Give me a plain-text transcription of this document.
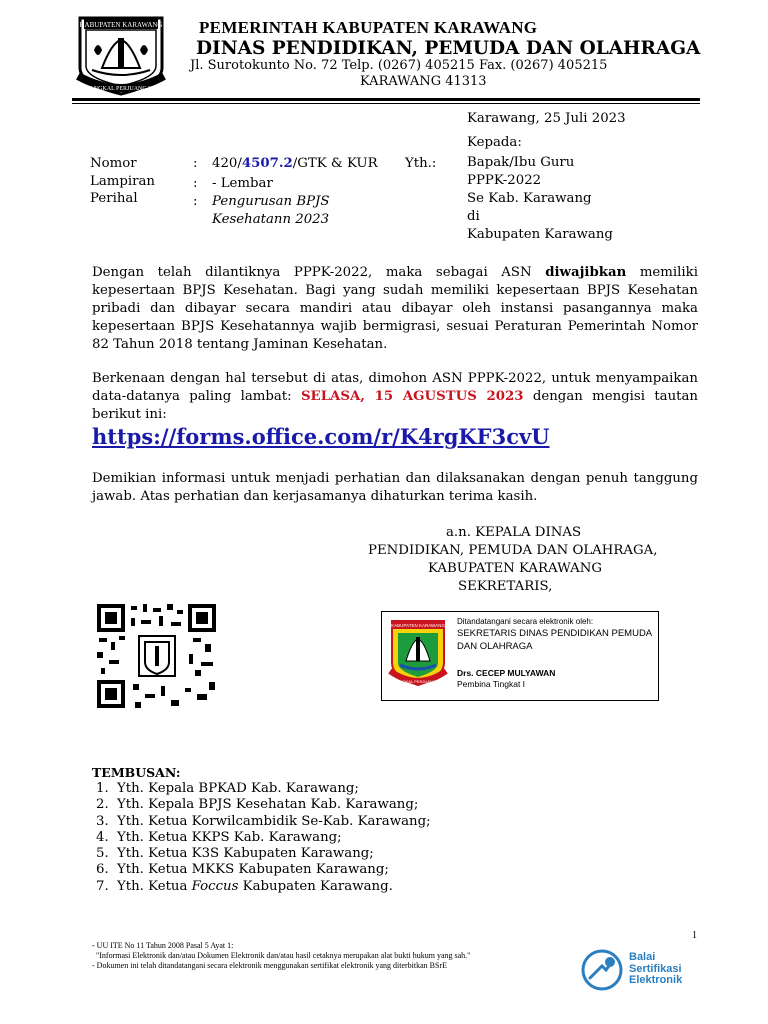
KABUPATEN KARAWANG
PANGKAL PERJUANGAN
PEMERINTAH KABUPATEN KARAWANG
DINAS PENDIDIKAN, PEMUDA DAN OLAHRAGA
Jl. Surotokunto No. 72 Telp. (0267) 405215 Fax. (0267) 405215
KARAWANG 41313
Karawang, 25 Juli 2023
Kepada:
Bapak/Ibu Guru
PPPK-2022
Se Kab. Karawang
di
Kabupaten Karawang
Nomor
Lampiran
Perihal
:
:
:
420/4507.2/GTK & KUR Yth.:
- Lembar
Pengurusan BPJS
Kesehatann 2023
Dengan telah dilantiknya PPPK-2022, maka sebagai ASN diwajibkan memiliki kepesertaan BPJS Kesehatan. Bagi yang sudah memiliki kepesertaan BPJS Kesehatan pribadi dan dibayar secara mandiri atau dibayar oleh instansi pasangannya maka kepesertaan BPJS Kesehatannya wajib bermigrasi, sesuai Peraturan Pemerintah Nomor 82 Tahun 2018 tentang Jaminan Kesehatan.
Berkenaan dengan hal tersebut di atas, dimohon ASN PPPK-2022, untuk menyampaikan data-datanya paling lambat: SELASA, 15 AGUSTUS 2023 dengan mengisi tautan berikut ini:
https://forms.office.com/r/K4rgKF3cvU
Demikian informasi untuk menjadi perhatian dan dilaksanakan dengan penuh tanggung jawab. Atas perhatian dan kerjasamanya dihaturkan terima kasih.
a.n. KEPALA DINAS
PENDIDIKAN, PEMUDA DAN OLAHRAGA,
KABUPATEN KARAWANG
SEKRETARIS,
KABUPATEN KARAWANG
PANGKAL PERJUANGAN
Ditandatangani secara elektronik oleh:
SEKRETARIS DINAS PENDIDIKAN PEMUDA
DAN OLAHRAGA
Drs. CECEP MULYAWAN
Pembina Tingkat I
TEMBUSAN:
1. Yth. Kepala BPKAD Kab. Karawang;
2. Yth. Kepala BPJS Kesehatan Kab. Karawang;
3. Yth. Ketua Korwilcambidik Se-Kab. Karawang;
4. Yth. Ketua KKPS Kab. Karawang;
5. Yth. Ketua K3S Kabupaten Karawang;
6. Yth. Ketua MKKS Kabupaten Karawang;
7. Yth. Ketua Foccus Kabupaten Karawang.
1
- UU ITE No 11 Tahun 2008 Pasal 5 Ayat 1:
"Informasi Elektronik dan/atau Dokumen Elektronik dan/atau hasil cetaknya merupakan alat bukti hukum yang sah."
- Dokumen ini telah ditandatangani secara elektronik menggunakan sertifikat elektronik yang diterbitkan BSrE
Balai
Sertifikasi
Elektronik
